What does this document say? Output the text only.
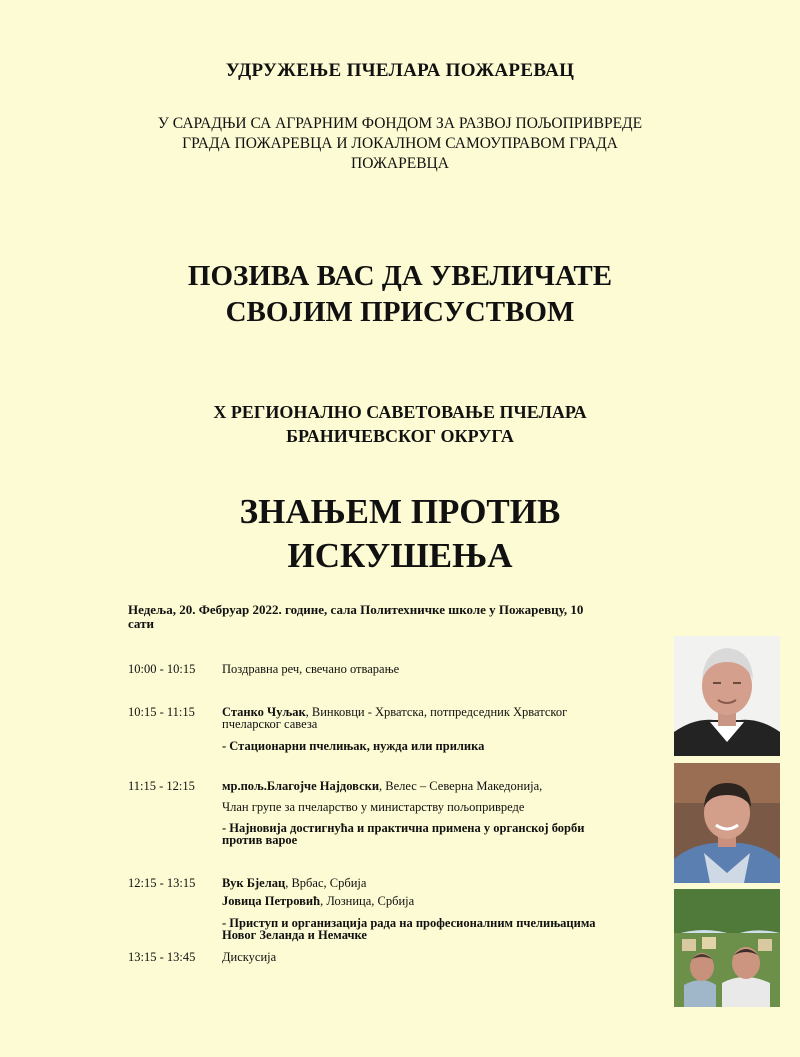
УДРУЖЕЊЕ ПЧЕЛАРА ПОЖАРЕВАЦ
У САРАДЊИ СА АГРАРНИМ ФОНДОМ ЗА РАЗВОЈ ПОЉОПРИВРЕДЕ
ГРАДА ПОЖАРЕВЦА И ЛОКАЛНОМ САМОУПРАВОМ ГРАДА
ПОЖАРЕВЦА
ПОЗИВА ВАС ДА УВЕЛИЧАТЕ
СВОЈИМ ПРИСУСТВОМ
X РЕГИОНАЛНО САВЕТОВАЊЕ ПЧЕЛАРА
БРАНИЧЕВСКОГ ОКРУГА
ЗНАЊЕМ ПРОТИВ
ИСКУШЕЊА
Недеља, 20. Фебруар 2022. године, сала Политехничке школе у Пожаревцу, 10
сати
10:00 - 10:15 Поздравна реч, свечано отварање
10:15 - 11:15 Станко Чуљак, Винковци - Хрватска, потпредседник Хрватског
пчеларског савеза
- Стационарни пчелињак, нужда или прилика
11:15 - 12:15 мр.пољ.Благојче Најдовски, Велес – Северна Македонија,
Члан групе за пчеларство у министарству пољопривреде
- Најновија достигнућа и практична примена у органској борби
против вароe
12:15 - 13:15 Вук Бјелац, Врбас, Србија
Јовица Петровић, Лозница, Србија
- Приступ и организација рада на професионалним пчелињацима
Новог Зеланда и Немачке
13:15 - 13:45 Дискусија
